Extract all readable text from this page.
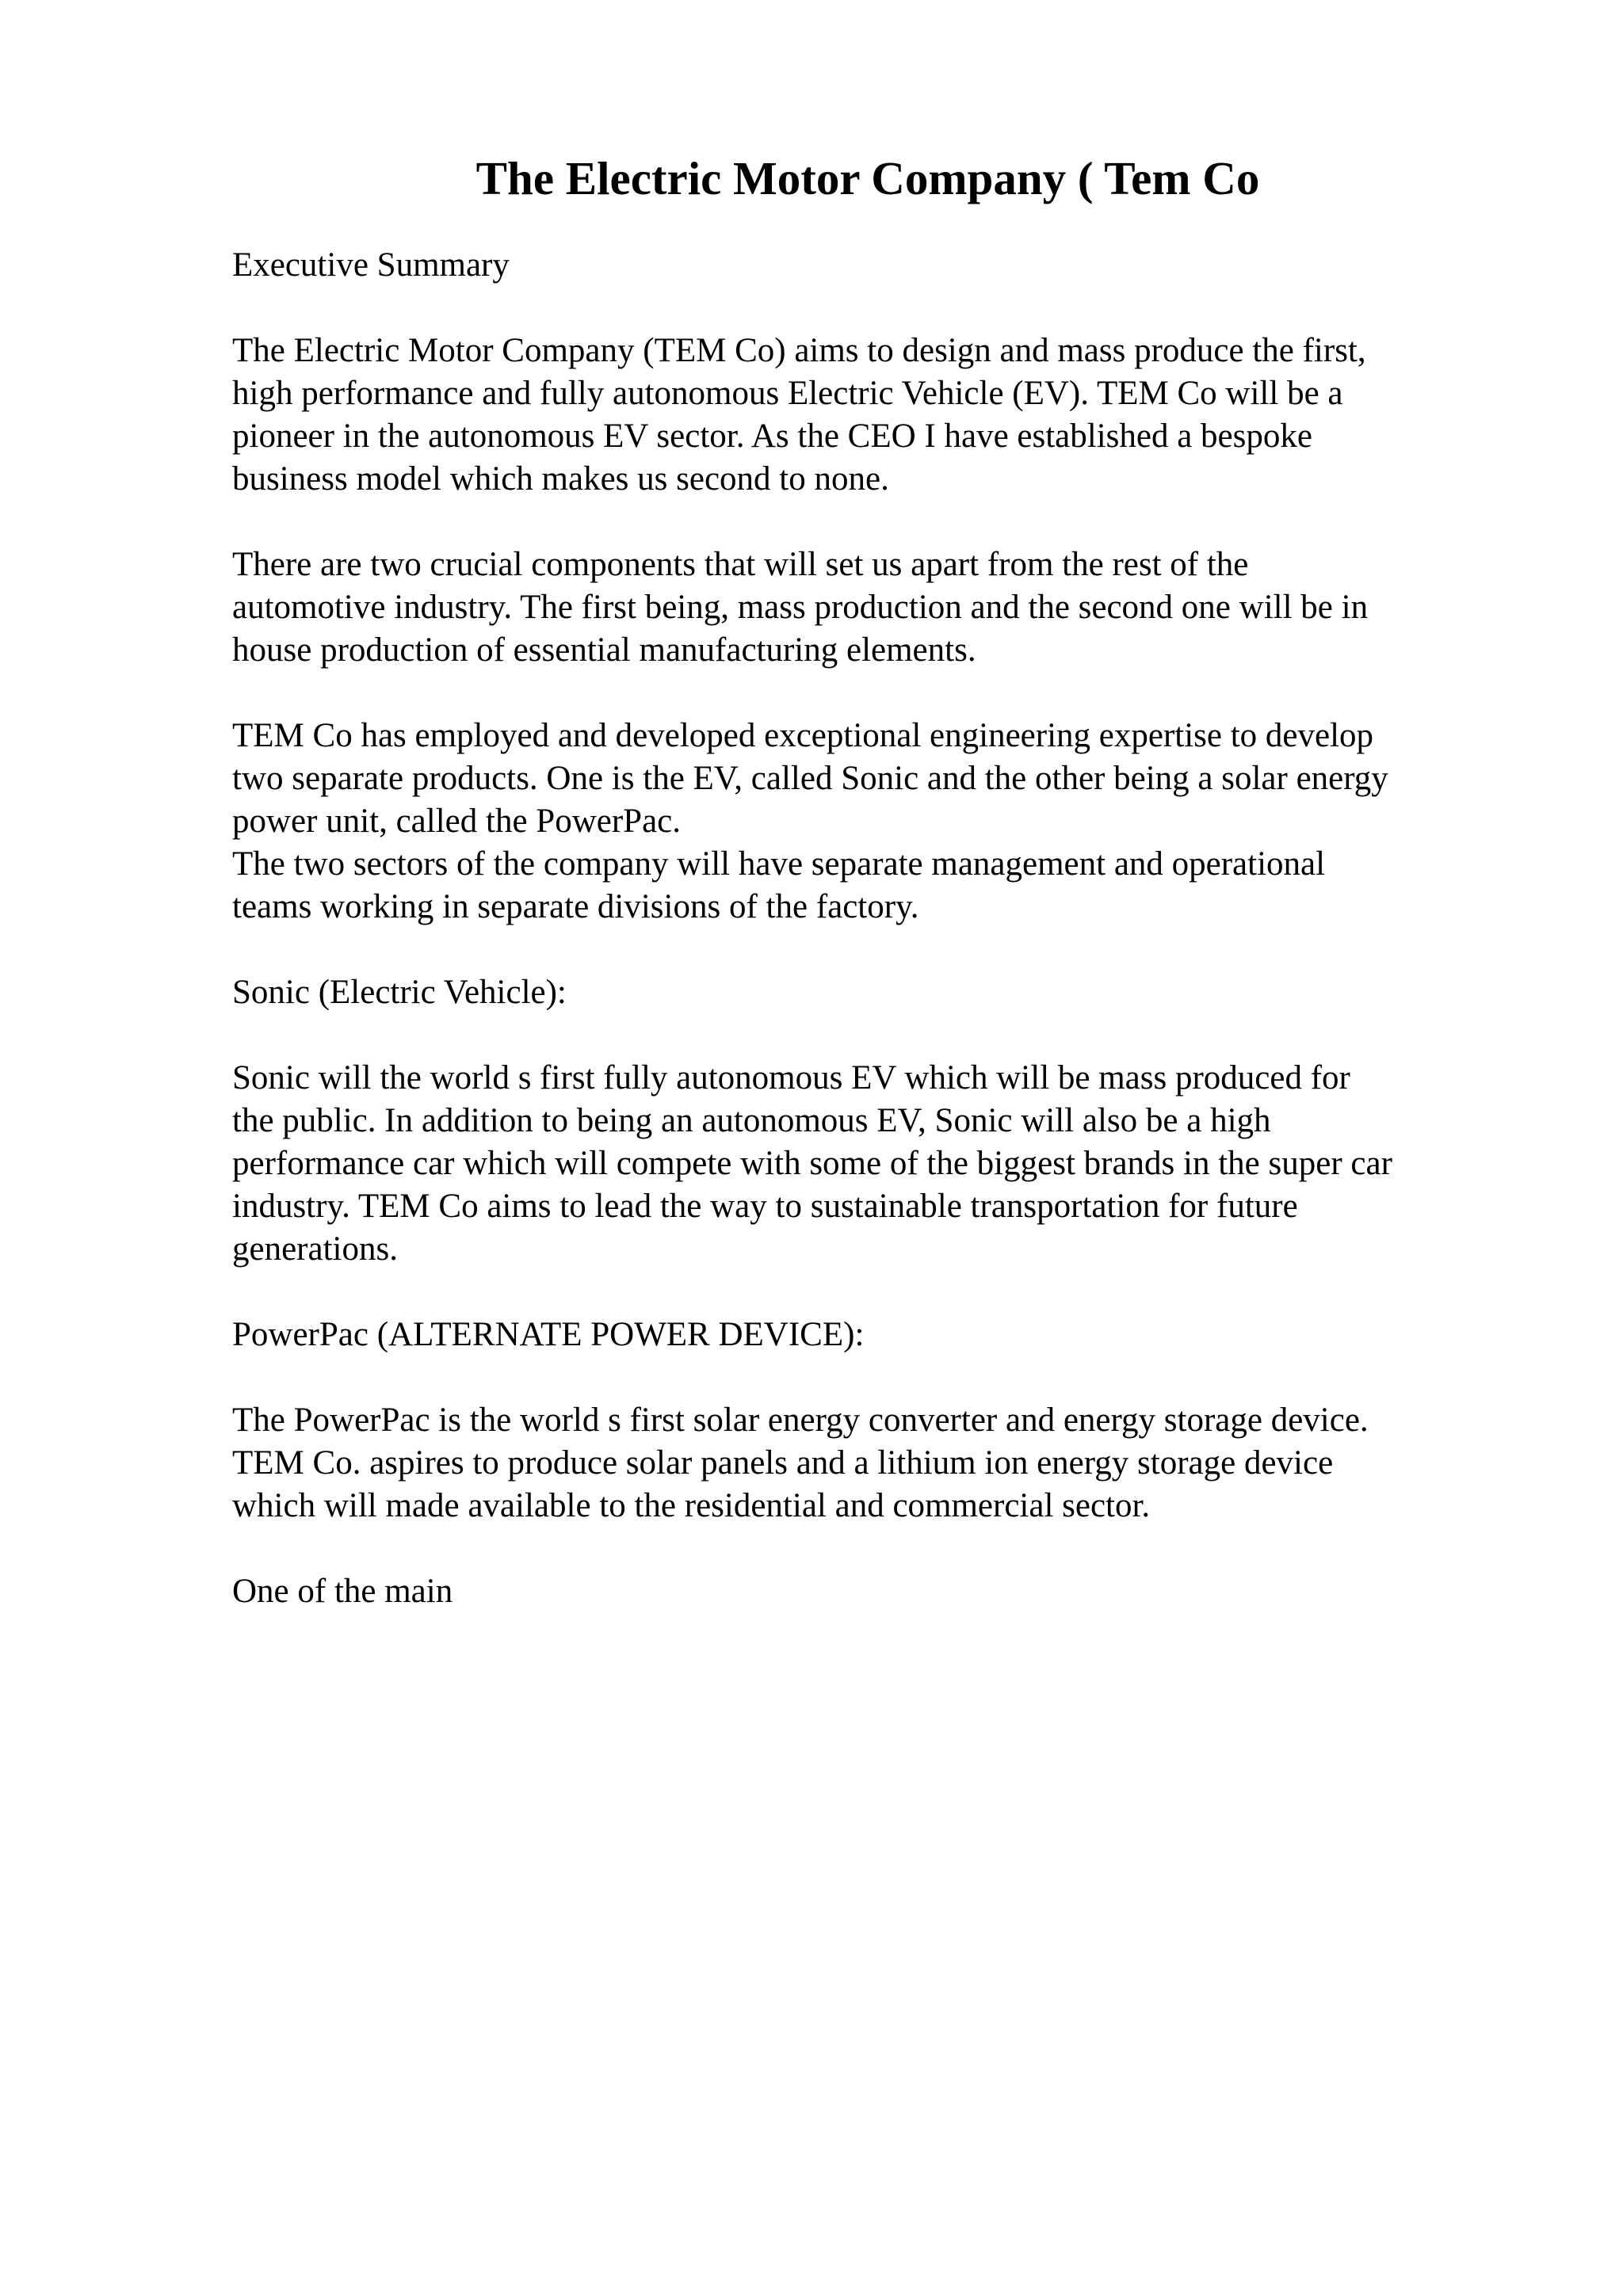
The Electric Motor Company ( Tem Co
Executive Summary
The Electric Motor Company (TEM Co) aims to design and mass produce the first,
high performance and fully autonomous Electric Vehicle (EV). TEM Co will be a
pioneer in the autonomous EV sector. As the CEO I have established a bespoke
business model which makes us second to none.
There are two crucial components that will set us apart from the rest of the
automotive industry. The first being, mass production and the second one will be in
house production of essential manufacturing elements.
TEM Co has employed and developed exceptional engineering expertise to develop
two separate products. One is the EV, called Sonic and the other being a solar energy
power unit, called the PowerPac.
The two sectors of the company will have separate management and operational
teams working in separate divisions of the factory.
Sonic (Electric Vehicle):
Sonic will the world s first fully autonomous EV which will be mass produced for
the public. In addition to being an autonomous EV, Sonic will also be a high
performance car which will compete with some of the biggest brands in the super car
industry. TEM Co aims to lead the way to sustainable transportation for future
generations.
PowerPac (ALTERNATE POWER DEVICE):
The PowerPac is the world s first solar energy converter and energy storage device.
TEM Co. aspires to produce solar panels and a lithium ion energy storage device
which will made available to the residential and commercial sector.
One of the main
